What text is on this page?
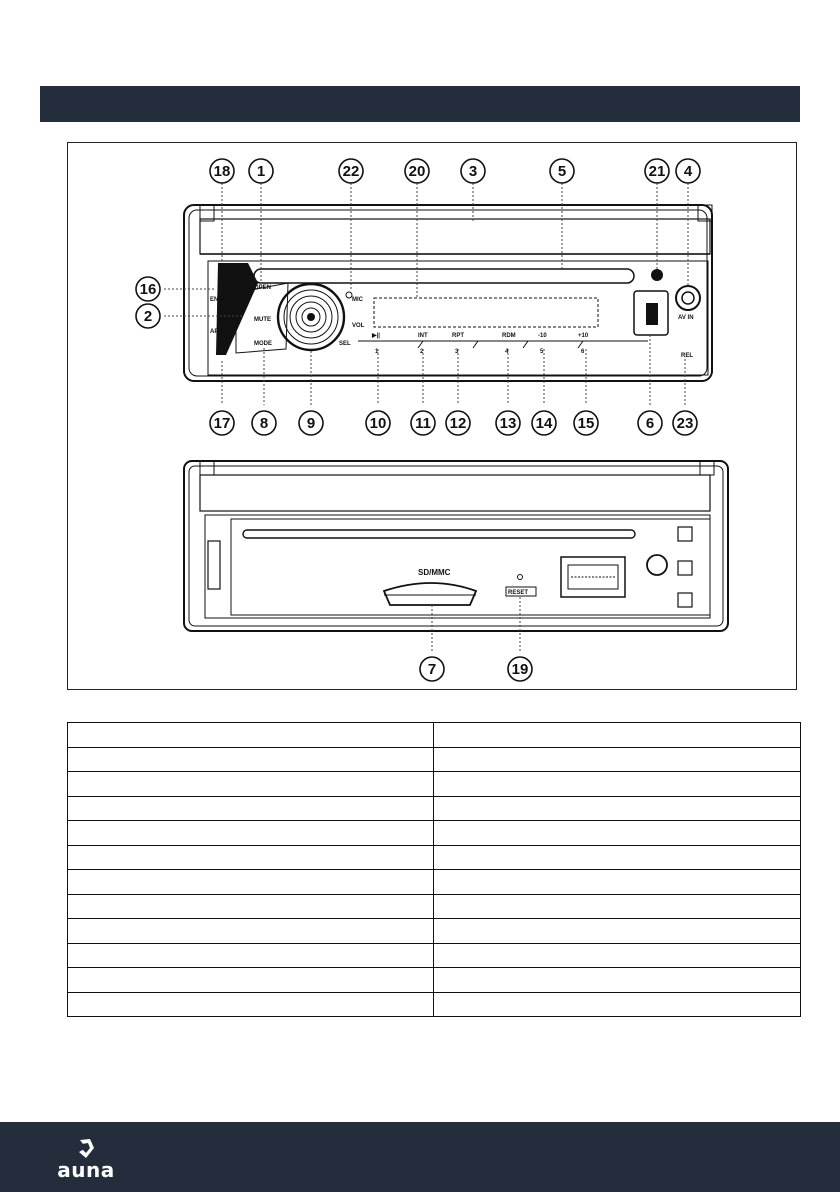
OPEN
MIC
MUTE
VOL
MODE	SEL
END
APS
AV IN
REL
▶||	INT	RPT	RDM	-10	+10
1	2	3	4	5	6
SD/MMC
RESET
18 1	22	20	3	5	21 4
16
2
17 8	9	10 11 12 13 14 15	6 23
7	19

auna
